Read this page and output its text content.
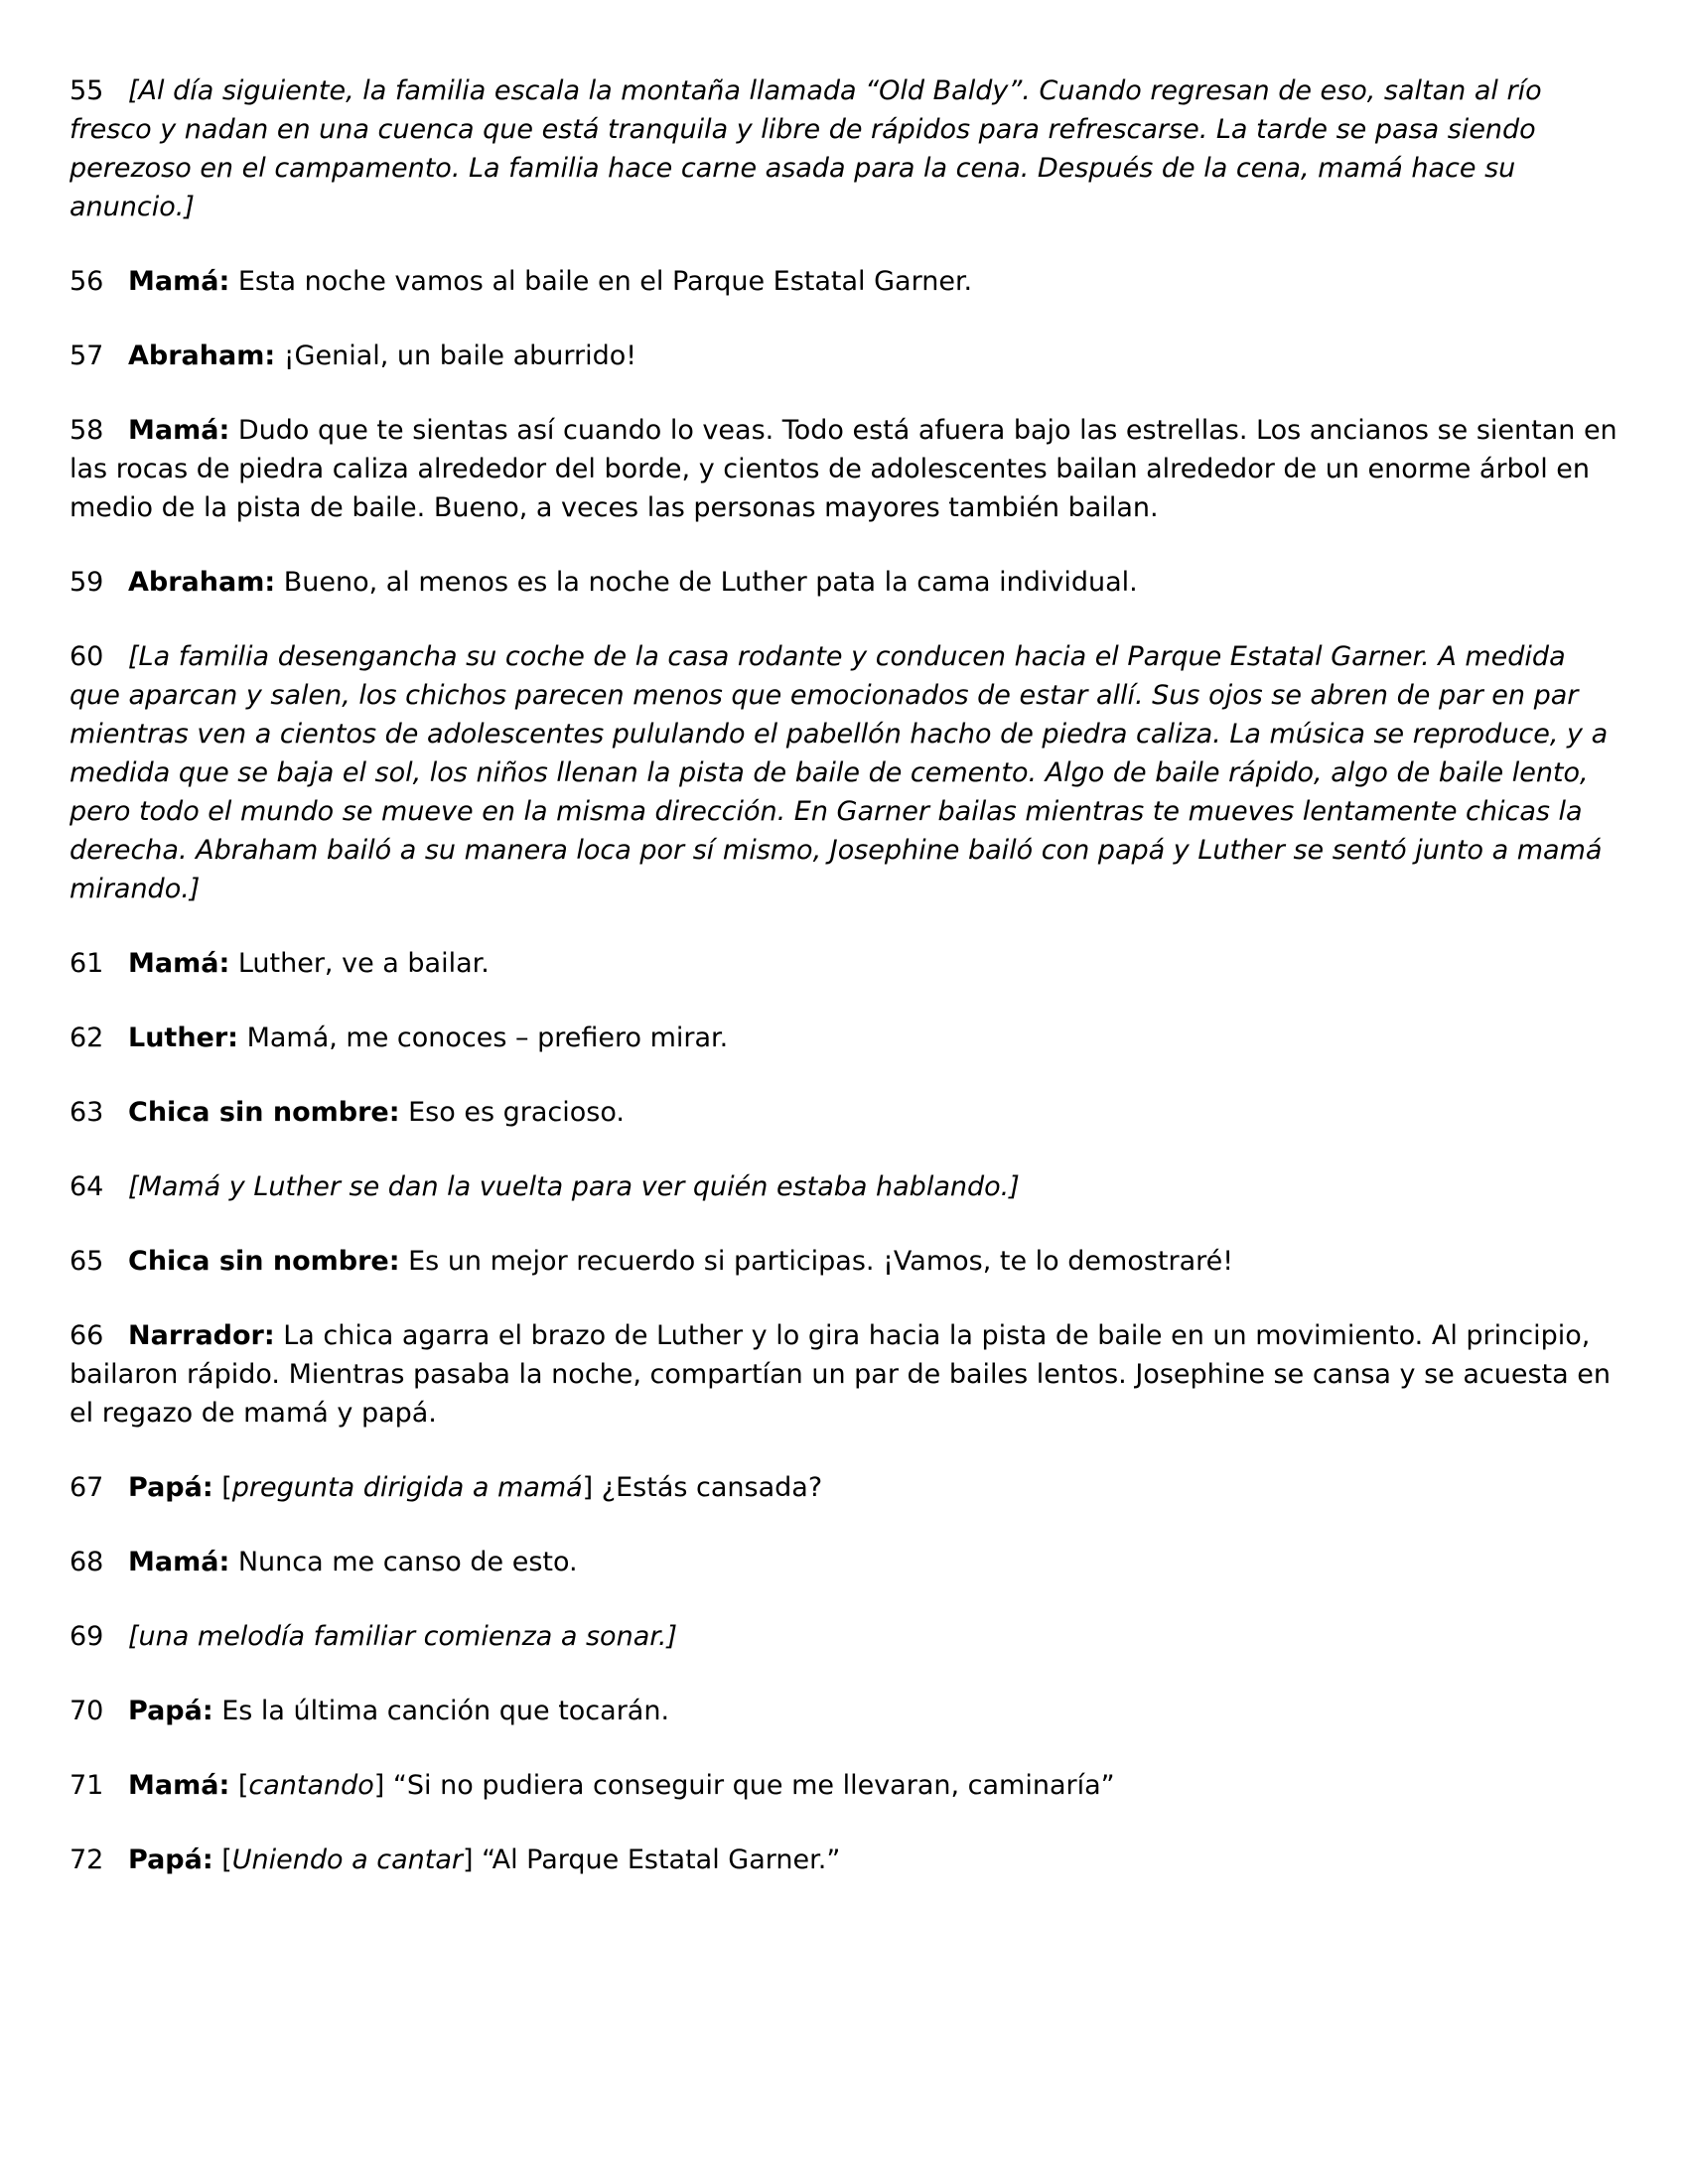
55 [Al día siguiente, la familia escala la montaña llamada “Old Baldy”. Cuando regresan de eso, saltan al río fresco y nadan en una cuenca que está tranquila y libre de rápidos para refrescarse. La tarde se pasa siendo perezoso en el campamento. La familia hace carne asada para la cena. Después de la cena, mamá hace su anuncio.]

56 Mamá: Esta noche vamos al baile en el Parque Estatal Garner.

57 Abraham: ¡Genial, un baile aburrido!

58 Mamá: Dudo que te sientas así cuando lo veas. Todo está afuera bajo las estrellas. Los ancianos se sientan en las rocas de piedra caliza alrededor del borde, y cientos de adolescentes bailan alrededor de un enorme árbol en medio de la pista de baile. Bueno, a veces las personas mayores también bailan.

59 Abraham: Bueno, al menos es la noche de Luther pata la cama individual.

60 [La familia desengancha su coche de la casa rodante y conducen hacia el Parque Estatal Garner. A medida que aparcan y salen, los chichos parecen menos que emocionados de estar allí. Sus ojos se abren de par en par mientras ven a cientos de adolescentes pululando el pabellón hacho de piedra caliza. La música se reproduce, y a medida que se baja el sol, los niños llenan la pista de baile de cemento. Algo de baile rápido, algo de baile lento, pero todo el mundo se mueve en la misma dirección. En Garner bailas mientras te mueves lentamente chicas la derecha. Abraham bailó a su manera loca por sí mismo, Josephine bailó con papá y Luther se sentó junto a mamá mirando.]

61 Mamá: Luther, ve a bailar.

62 Luther: Mamá, me conoces – prefiero mirar.

63 Chica sin nombre: Eso es gracioso.

64 [Mamá y Luther se dan la vuelta para ver quién estaba hablando.]

65 Chica sin nombre: Es un mejor recuerdo si participas. ¡Vamos, te lo demostraré!

66 Narrador: La chica agarra el brazo de Luther y lo gira hacia la pista de baile en un movimiento. Al principio, bailaron rápido. Mientras pasaba la noche, compartían un par de bailes lentos. Josephine se cansa y se acuesta en el regazo de mamá y papá.

67 Papá: [pregunta dirigida a mamá] ¿Estás cansada?

68 Mamá: Nunca me canso de esto.

69 [una melodía familiar comienza a sonar.]

70 Papá: Es la última canción que tocarán.

71 Mamá: [cantando] “Si no pudiera conseguir que me llevaran, caminaría”

72 Papá: [Uniendo a cantar] “Al Parque Estatal Garner.”
